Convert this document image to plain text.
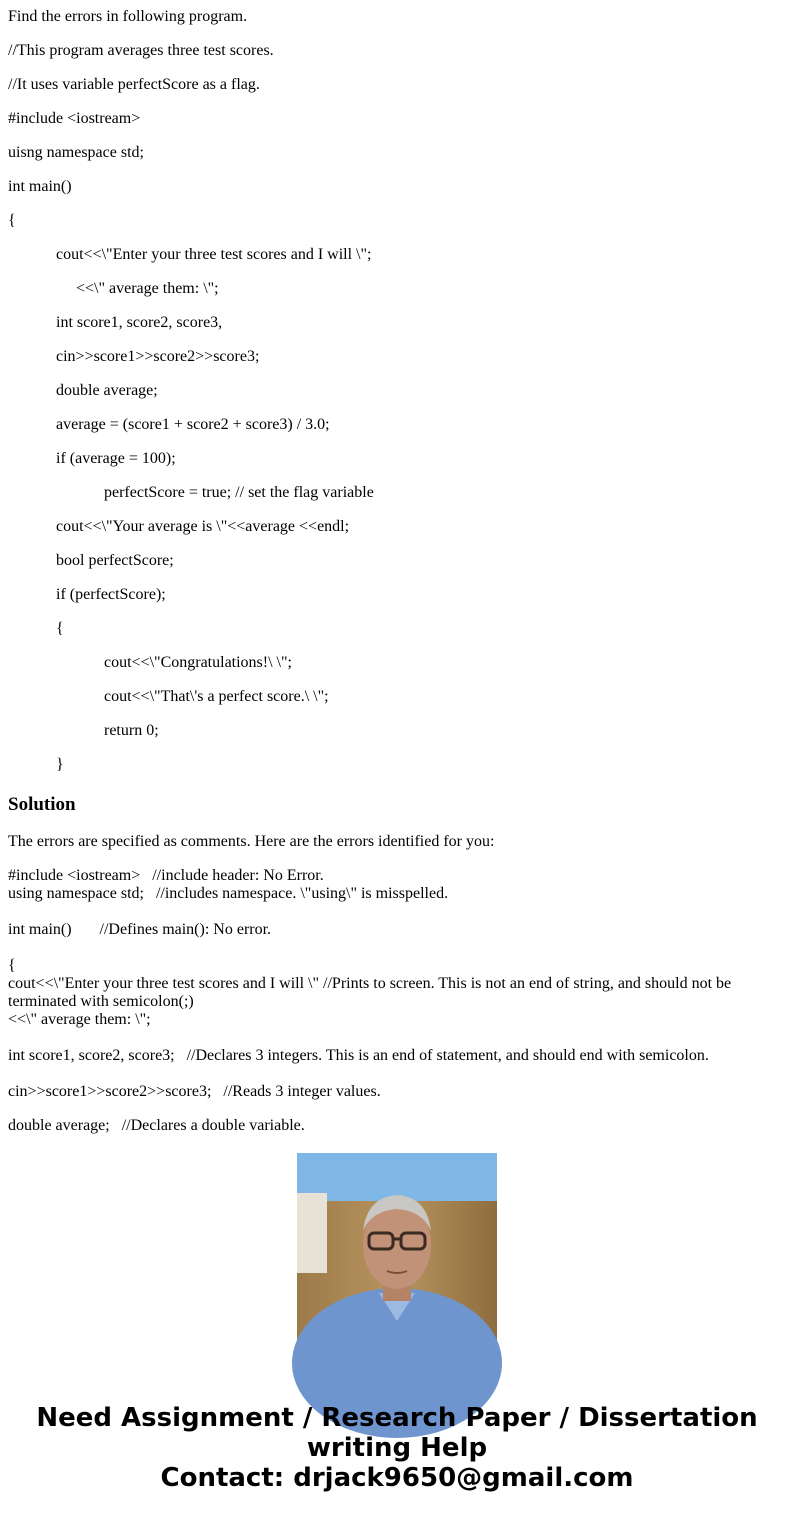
Find the errors in following program.
//This program averages three test scores.
//It uses variable perfectScore as a flag.
#include <iostream>
uisng namespace std;
int main()
{
cout<<\"Enter your three test scores and I will \";
<<\" average them: \";
int score1, score2, score3,
cin>>score1>>score2>>score3;
double average;
average = (score1 + score2 + score3) / 3.0;
if (average = 100);
perfectScore = true; // set the flag variable
cout<<\"Your average is \"<<average <<endl;
bool perfectScore;
if (perfectScore);
{
cout<<\"Congratulations!\ \";
cout<<\"That\'s a perfect score.\ \";
return 0;
}
Solution
The errors are specified as comments. Here are the errors identified for you:
#include <iostream>   //include header: No Error.
using namespace std;   //includes namespace. \"using\" is misspelled.
int main()       //Defines main(): No error.
{
cout<<\"Enter your three test scores and I will \" //Prints to screen. This is not an end of string, and should not be terminated with semicolon(;)
<<\" average them: \";
int score1, score2, score3;   //Declares 3 integers. This is an end of statement, and should end with semicolon.
cin>>score1>>score2>>score3;   //Reads 3 integer values.
double average;   //Declares a double variable.
Need Assignment / Research Paper / Dissertation
writing Help
Contact: drjack9650@gmail.com
